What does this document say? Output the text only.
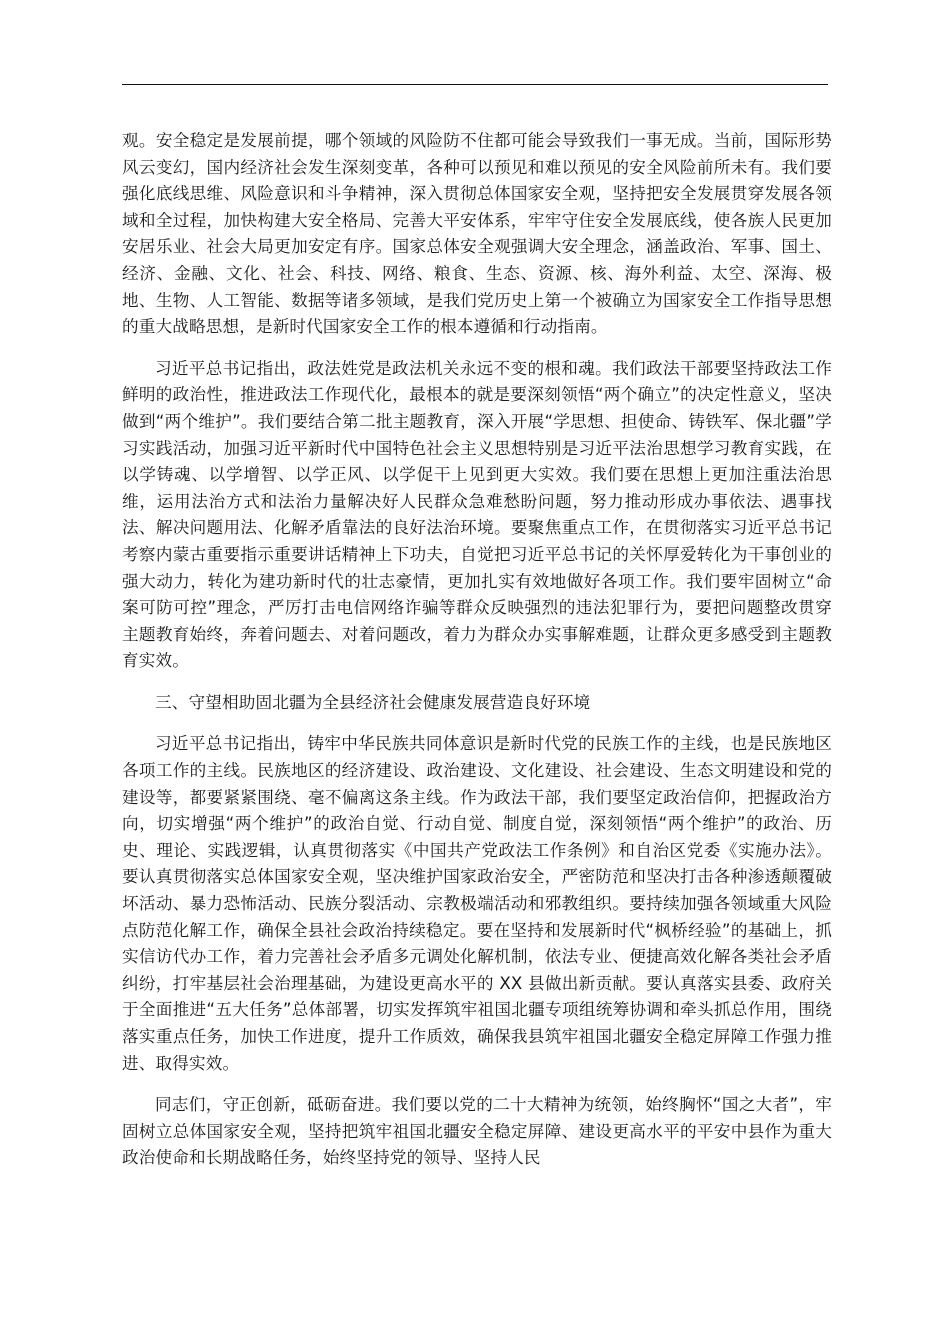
观。安全稳定是发展前提，哪个领域的风险防不住都可能会导致我们一事无成。当前，国际形势风云变幻，国内经济社会发生深刻变革，各种可以预见和难以预见的安全风险前所未有。我们要强化底线思维、风险意识和斗争精神，深入贯彻总体国家安全观，坚持把安全发展贯穿发展各领域和全过程，加快构建大安全格局、完善大平安体系，牢牢守住安全发展底线，使各族人民更加安居乐业、社会大局更加安定有序。国家总体安全观强调大安全理念，涵盖政治、军事、国土、经济、金融、文化、社会、科技、网络、粮食、生态、资源、核、海外利益、太空、深海、极地、生物、人工智能、数据等诸多领域，是我们党历史上第一个被确立为国家安全工作指导思想的重大战略思想，是新时代国家安全工作的根本遵循和行动指南。

习近平总书记指出，政法姓党是政法机关永远不变的根和魂。我们政法干部要坚持政法工作鲜明的政治性，推进政法工作现代化，最根本的就是要深刻领悟“两个确立”的决定性意义，坚决做到“两个维护”。我们要结合第二批主题教育，深入开展“学思想、担使命、铸铁军、保北疆”学习实践活动，加强习近平新时代中国特色社会主义思想特别是习近平法治思想学习教育实践，在以学铸魂、以学增智、以学正风、以学促干上见到更大实效。我们要在思想上更加注重法治思维，运用法治方式和法治力量解决好人民群众急难愁盼问题，努力推动形成办事依法、遇事找法、解决问题用法、化解矛盾靠法的良好法治环境。要聚焦重点工作，在贯彻落实习近平总书记考察内蒙古重要指示重要讲话精神上下功夫，自觉把习近平总书记的关怀厚爱转化为干事创业的强大动力，转化为建功新时代的壮志豪情，更加扎实有效地做好各项工作。我们要牢固树立“命案可防可控”理念，严厉打击电信网络诈骗等群众反映强烈的违法犯罪行为，要把问题整改贯穿主题教育始终，奔着问题去、对着问题改，着力为群众办实事解难题，让群众更多感受到主题教育实效。

三、守望相助固北疆为全县经济社会健康发展营造良好环境

习近平总书记指出，铸牢中华民族共同体意识是新时代党的民族工作的主线，也是民族地区各项工作的主线。民族地区的经济建设、政治建设、文化建设、社会建设、生态文明建设和党的建设等，都要紧紧围绕、毫不偏离这条主线。作为政法干部，我们要坚定政治信仰，把握政治方向，切实增强“两个维护”的政治自觉、行动自觉、制度自觉，深刻领悟“两个维护”的政治、历史、理论、实践逻辑，认真贯彻落实《中国共产党政法工作条例》和自治区党委《实施办法》。要认真贯彻落实总体国家安全观，坚决维护国家政治安全，严密防范和坚决打击各种渗透颠覆破坏活动、暴力恐怖活动、民族分裂活动、宗教极端活动和邪教组织。要持续加强各领域重大风险点防范化解工作，确保全县社会政治持续稳定。要在坚持和发展新时代“枫桥经验”的基础上，抓实信访代办工作，着力完善社会矛盾多元调处化解机制，依法专业、便捷高效化解各类社会矛盾纠纷，打牢基层社会治理基础，为建设更高水平的 XX 县做出新贡献。要认真落实县委、政府关于全面推进“五大任务”总体部署，切实发挥筑牢祖国北疆专项组统筹协调和牵头抓总作用，围绕落实重点任务，加快工作进度，提升工作质效，确保我县筑牢祖国北疆安全稳定屏障工作强力推进、取得实效。

同志们，守正创新，砥砺奋进。我们要以党的二十大精神为统领，始终胸怀“国之大者”，牢固树立总体国家安全观，坚持把筑牢祖国北疆安全稳定屏障、建设更高水平的平安中县作为重大政治使命和长期战略任务，始终坚持党的领导、坚持人民
